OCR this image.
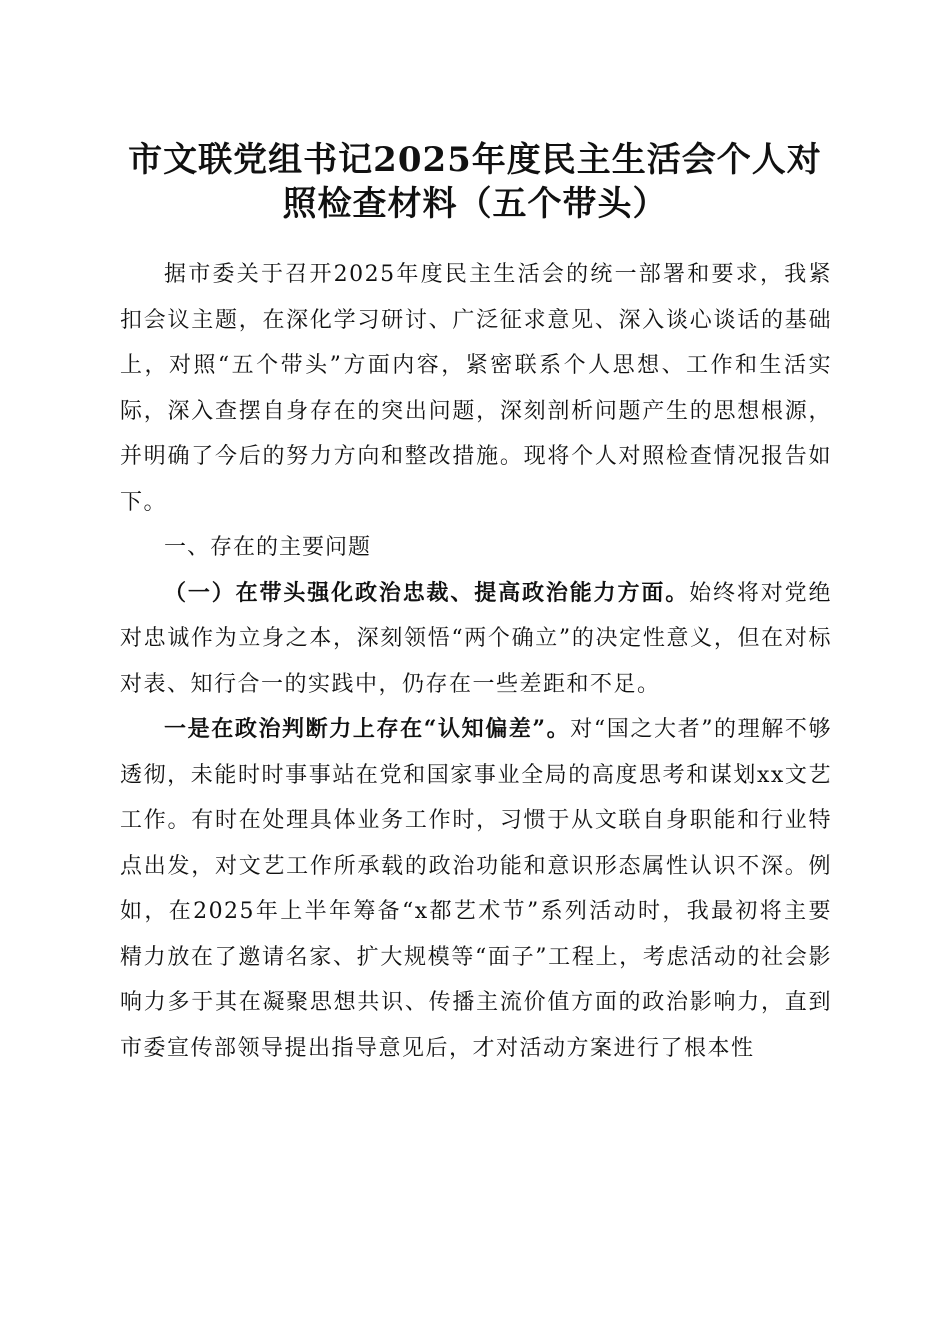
市文联党组书记2025年度民主生活会个人对
照检查材料（五个带头）

据市委关于召开2025年度民主生活会的统一部署和要求，我紧扣会议主题，在深化学习研讨、广泛征求意见、深入谈心谈话的基础上，对照“五个带头”方面内容，紧密联系个人思想、工作和生活实际，深入查摆自身存在的突出问题，深刻剖析问题产生的思想根源，并明确了今后的努力方向和整改措施。现将个人对照检查情况报告如下。

一、存在的主要问题

（一）在带头强化政治忠裁、提高政治能力方面。始终将对党绝对忠诚作为立身之本，深刻领悟“两个确立”的决定性意义，但在对标对表、知行合一的实践中，仍存在一些差距和不足。

一是在政治判断力上存在“认知偏差”。对“国之大者”的理解不够透彻，未能时时事事站在党和国家事业全局的高度思考和谋划xx文艺工作。有时在处理具体业务工作时，习惯于从文联自身职能和行业特点出发，对文艺工作所承载的政治功能和意识形态属性认识不深。例如，在2025年上半年筹备“x都艺术节”系列活动时，我最初将主要精力放在了邀请名家、扩大规模等“面子”工程上，考虑活动的社会影响力多于其在凝聚思想共识、传播主流价值方面的政治影响力，直到市委宣传部领导提出指导意见后，才对活动方案进行了根本性
